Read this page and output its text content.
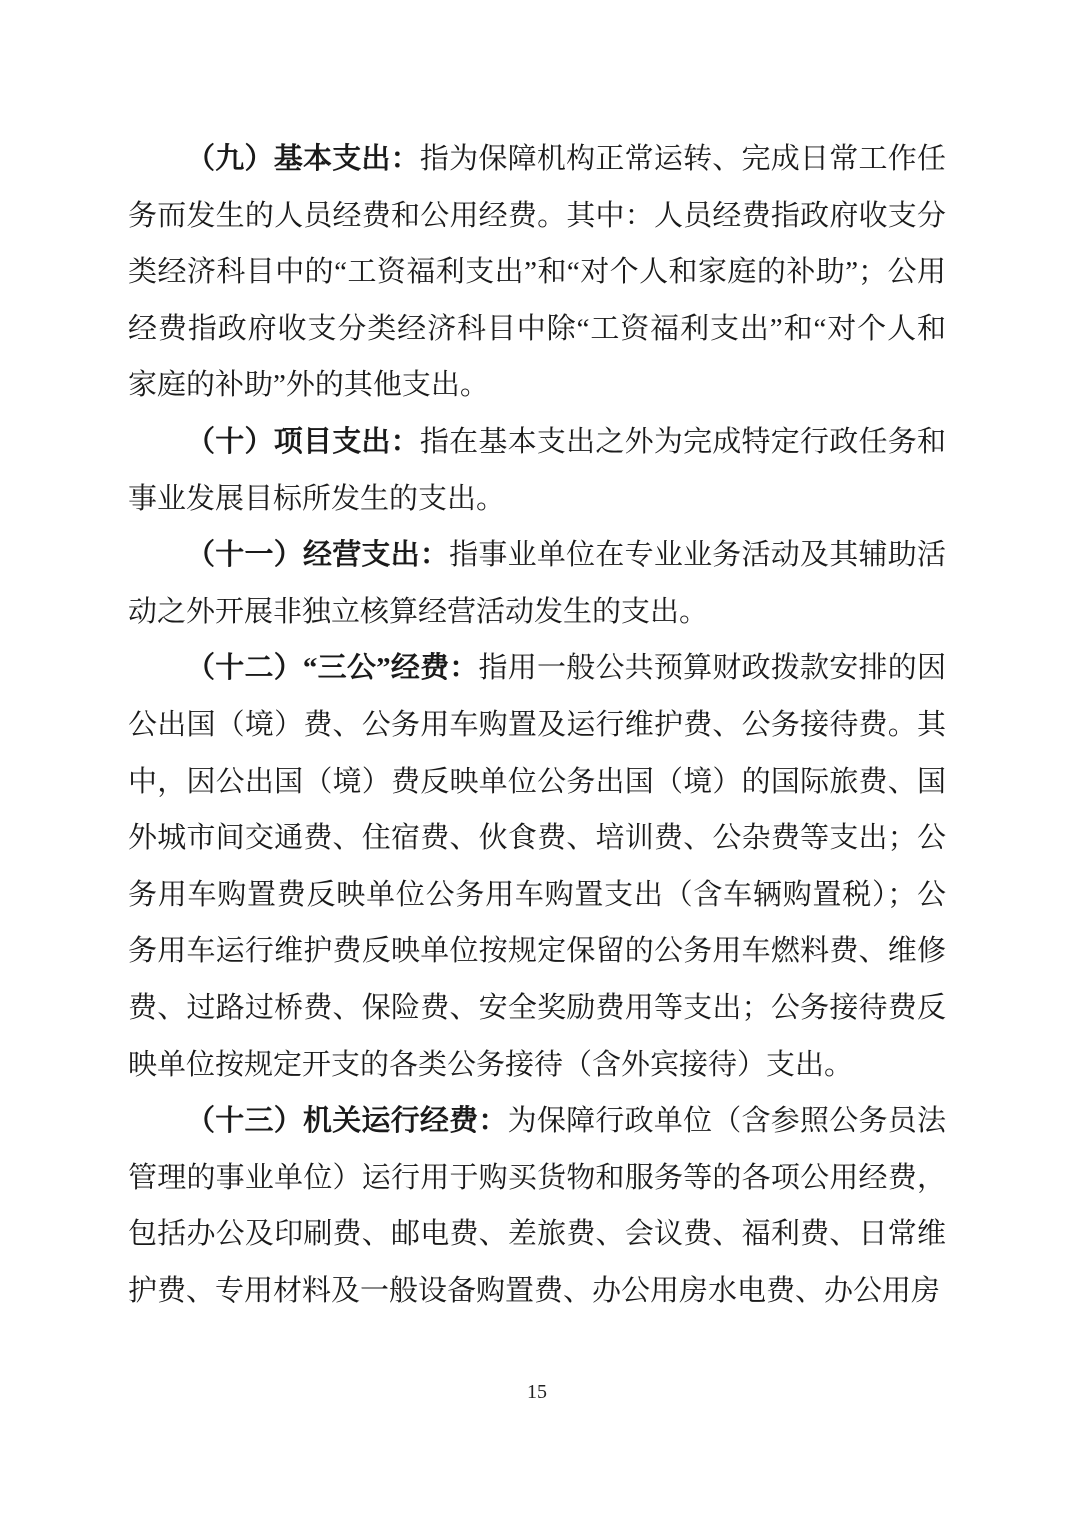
（九）基本支出：指为保障机构正常运转、完成日常工作任务而发生的人员经费和公用经费。其中：人员经费指政府收支分类经济科目中的“工资福利支出”和“对个人和家庭的补助”；公用经费指政府收支分类经济科目中除“工资福利支出”和“对个人和家庭的补助”外的其他支出。

（十）项目支出：指在基本支出之外为完成特定行政任务和事业发展目标所发生的支出。

（十一）经营支出：指事业单位在专业业务活动及其辅助活动之外开展非独立核算经营活动发生的支出。

（十二）“三公”经费：指用一般公共预算财政拨款安排的因公出国（境）费、公务用车购置及运行维护费、公务接待费。其中，因公出国（境）费反映单位公务出国（境）的国际旅费、国外城市间交通费、住宿费、伙食费、培训费、公杂费等支出；公务用车购置费反映单位公务用车购置支出（含车辆购置税）；公务用车运行维护费反映单位按规定保留的公务用车燃料费、维修费、过路过桥费、保险费、安全奖励费用等支出；公务接待费反映单位按规定开支的各类公务接待（含外宾接待）支出。

（十三）机关运行经费：为保障行政单位（含参照公务员法管理的事业单位）运行用于购买货物和服务等的各项公用经费，包括办公及印刷费、邮电费、差旅费、会议费、福利费、日常维护费、专用材料及一般设备购置费、办公用房水电费、办公用房

15
